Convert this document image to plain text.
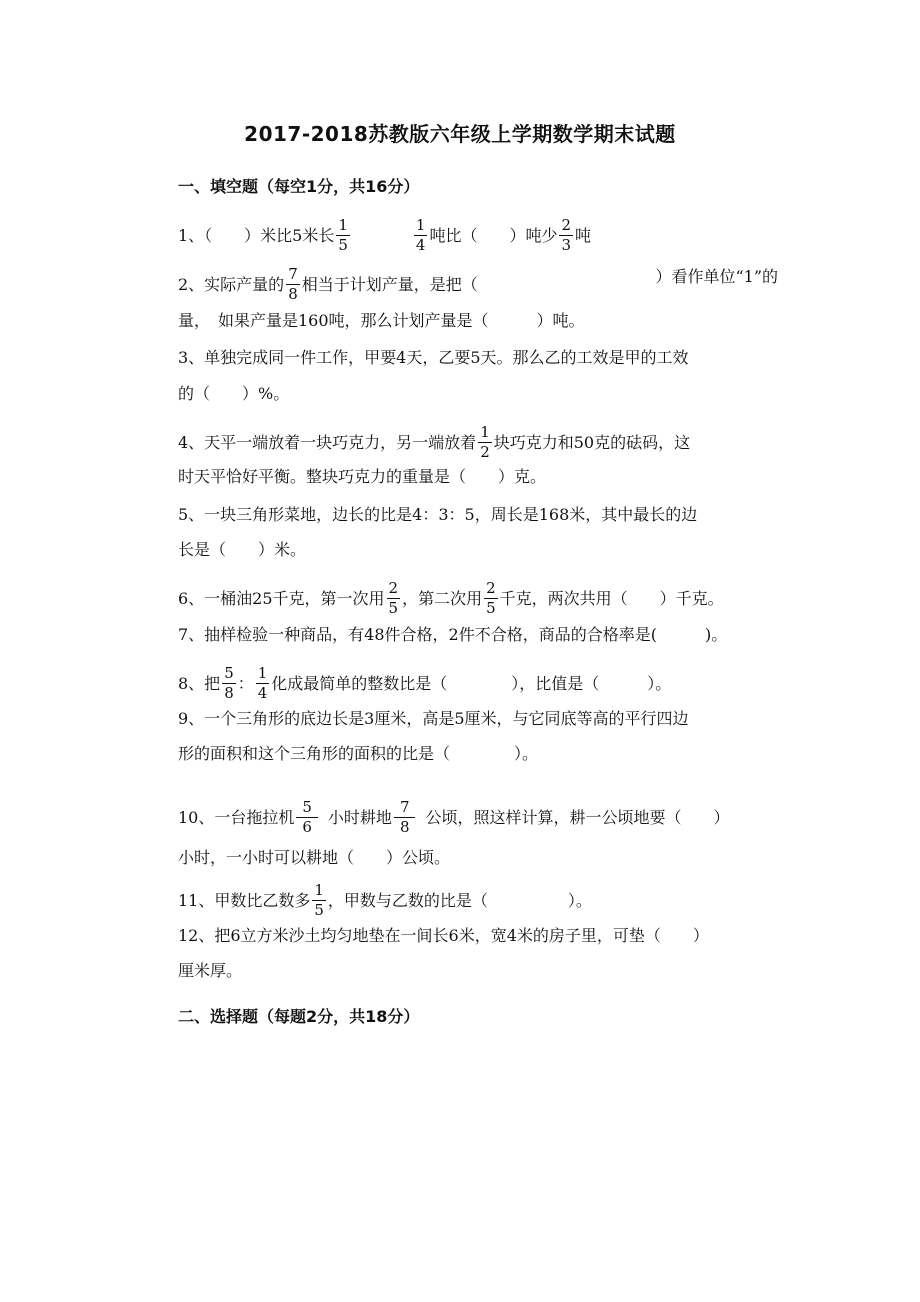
2017-2018苏教版六年级上学期数学期末试题
一、填空题（每空1分，共16分）
1、（　　）米比5米长 $\frac{1}{5}$	$\frac{1}{4}$ 吨比（　　）吨少 $\frac{2}{3}$ 吨
2、实际产量的 $\frac{7}{8}$ 相当于计划产量，是把（	）看作单位“1”的
量，　如果产量是160吨，那么计划产量是（　　　）吨。
3、单独完成同一件工作，甲要4天，乙要5天。那么乙的工效是甲的工效
的（　　）%。
4、天平一端放着一块巧克力，另一端放着 $\frac{1}{2}$ 块巧克力和50克的砝码，这
时天平恰好平衡。整块巧克力的重量是（　　）克。
5、一块三角形菜地，边长的比是4：3：5，周长是168米，其中最长的边
长是（　　）米。
6、一桶油25千克，第一次用 $\frac{2}{5}$ ，第二次用 $\frac{2}{5}$ 千克，两次共用（　　）千克。
7、抽样检验一种商品，有48件合格，2件不合格，商品的合格率是(　　　)。
8、把 $\frac{5}{8}$ ： $\frac{1}{4}$ 化成最简单的整数比是（　　　　），比值是（　　　）。
9、一个三角形的底边长是3厘米，高是5厘米，与它同底等高的平行四边
形的面积和这个三角形的面积的比是（　　　　）。
10、一台拖拉机 $\frac{5}{6}$ 小时耕地 $\frac{7}{8}$ 公顷，照这样计算，耕一公顷地要（　　）
小时，一小时可以耕地（　　）公顷。
11、甲数比乙数多 $\frac{1}{5}$ ，甲数与乙数的比是（　　　　　）。
12、把6立方米沙土均匀地垫在一间长6米，宽4米的房子里，可垫（　　）
厘米厚。
二、选择题（每题2分，共18分）
